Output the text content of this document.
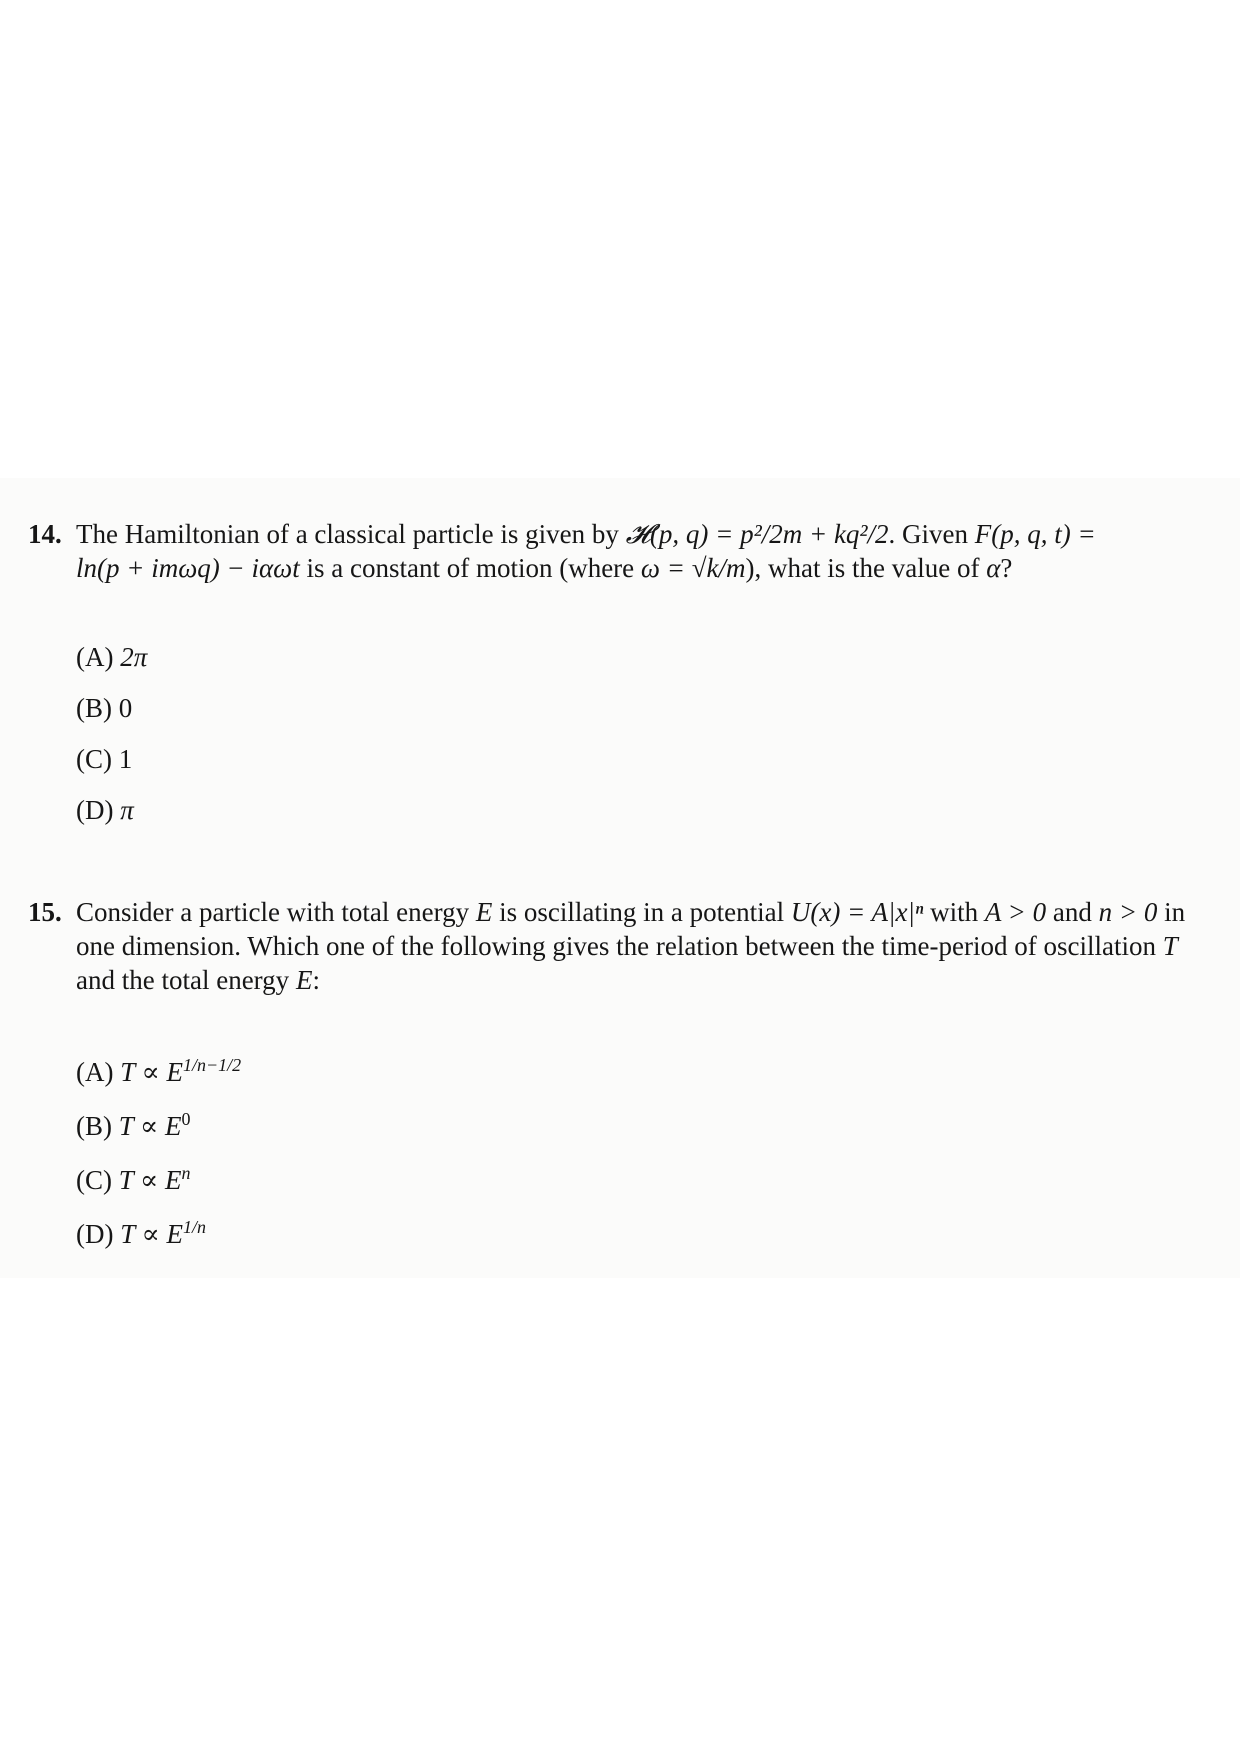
14. The Hamiltonian of a classical particle is given by 𝓗(p, q) = p²/2m + kq²/2. Given F(p, q, t) =
ln(p + imωq) − iαωt is a constant of motion (where ω = √k/m), what is the value of α?
(A) 2π
(B) 0
(C) 1
(D) π
15. Consider a particle with total energy E is oscillating in a potential U(x) = A|x|ⁿ with A > 0 and n > 0 in one dimension. Which one of the following gives the relation between the time-period of oscillation T and the total energy E:
(A) $T \propto E^{1/n-1/2}$
(B) $T \propto E^0$
(C) $T \propto E^n$
(D) $T \propto E^{1/n}$
